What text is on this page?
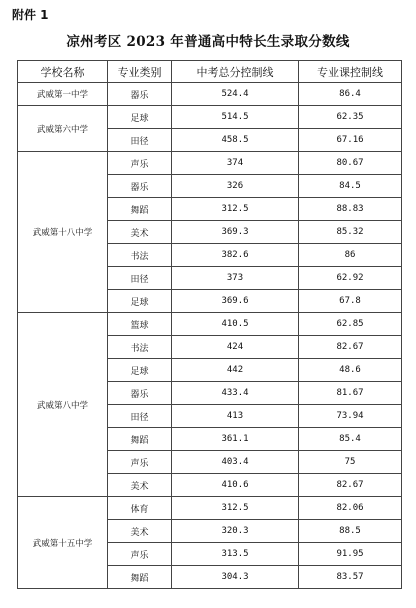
附件 1
凉州考区 2023 年普通高中特长生录取分数线
学校名称	专业类别	中考总分控制线	专业课控制线
武威第一中学	器乐	524.4	86.4
武威第六中学	足球	514.5	62.35
	田径	458.5	67.16
武威第十八中学	声乐	374	80.67
	器乐	326	84.5
	舞蹈	312.5	88.83
	美术	369.3	85.32
	书法	382.6	86
	田径	373	62.92
	足球	369.6	67.8
武威第八中学	篮球	410.5	62.85
	书法	424	82.67
	足球	442	48.6
	器乐	433.4	81.67
	田径	413	73.94
	舞蹈	361.1	85.4
	声乐	403.4	75
	美术	410.6	82.67
武威第十五中学	体育	312.5	82.06
	美术	320.3	88.5
	声乐	313.5	91.95
	舞蹈	304.3	83.57
